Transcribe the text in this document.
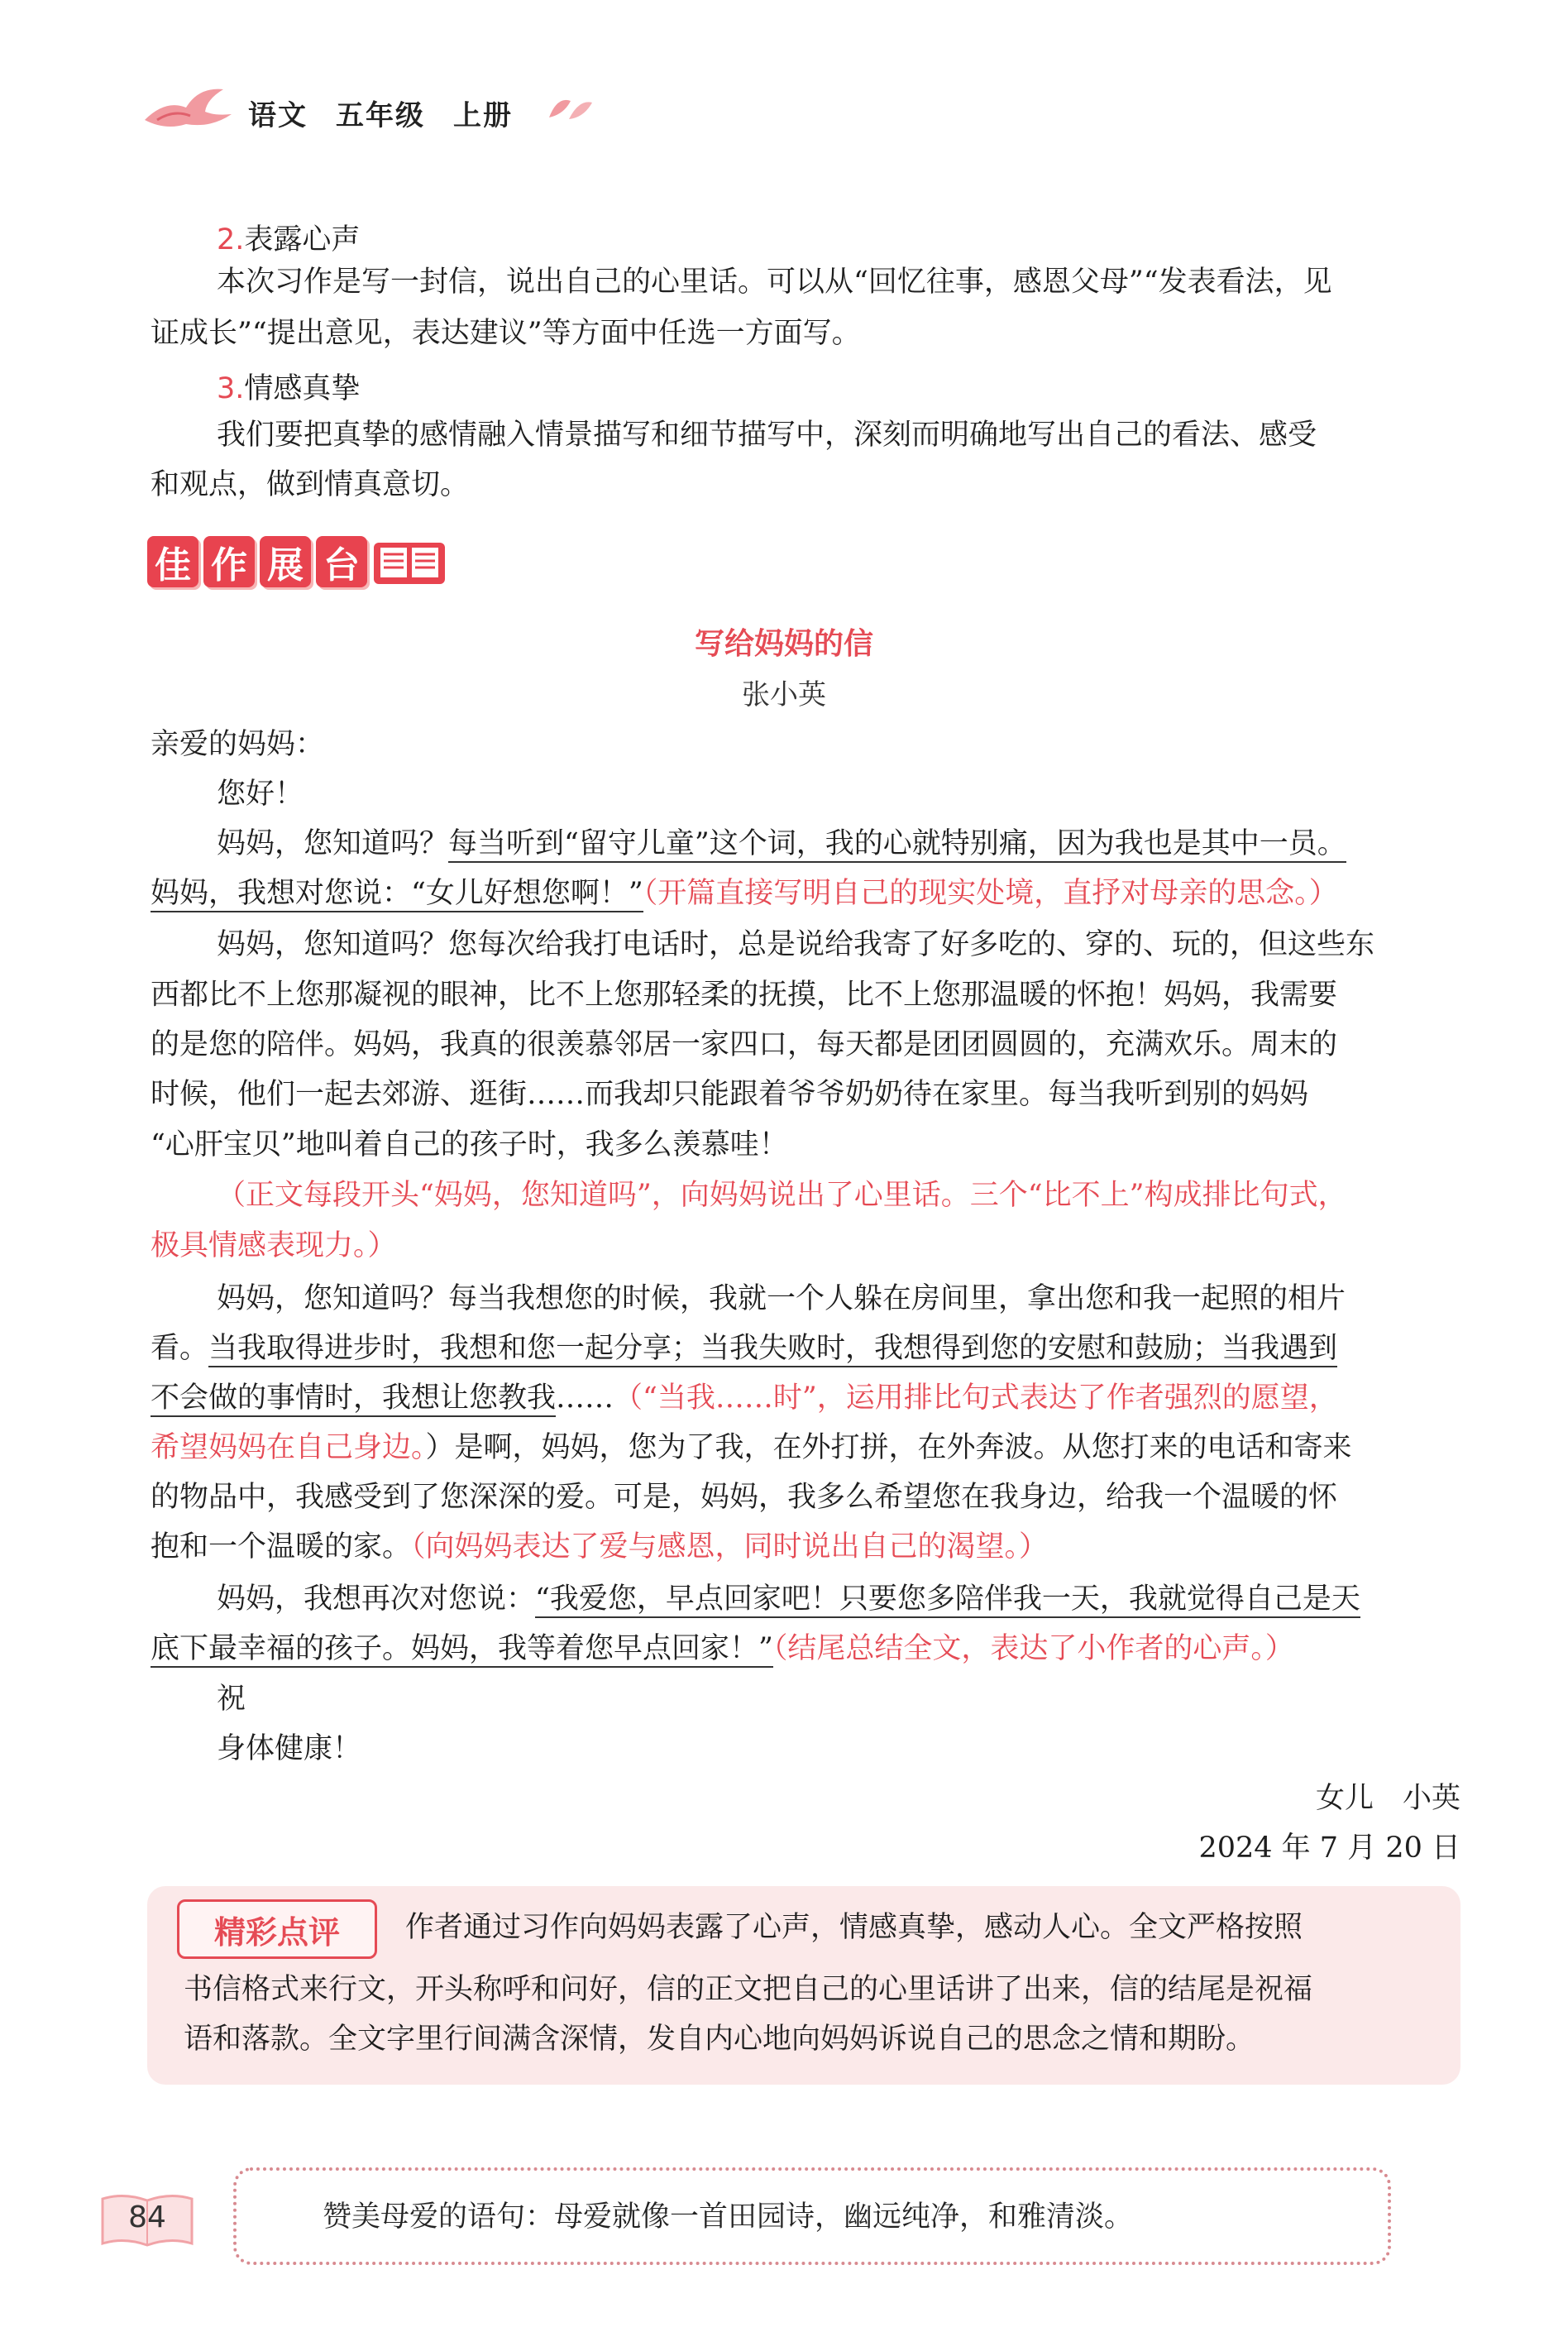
语文 五年级 上册
2.表露心声
本次习作是写一封信，说出自己的心里话。可以从“回忆往事，感恩父母”“发表看法，见
证成长”“提出意见，表达建议”等方面中任选一方面写。
3.情感真挚
我们要把真挚的感情融入情景描写和细节描写中，深刻而明确地写出自己的看法、感受
和观点，做到情真意切。
佳 作 展 台
写给妈妈的信
张小英
亲爱的妈妈：
您好！
妈妈，您知道吗？每当听到“留守儿童”这个词，我的心就特别痛，因为我也是其中一员。
妈妈，我想对您说：“女儿好想您啊！”（开篇直接写明自己的现实处境，直抒对母亲的思念。）
妈妈，您知道吗？您每次给我打电话时，总是说给我寄了好多吃的、穿的、玩的，但这些东
西都比不上您那凝视的眼神，比不上您那轻柔的抚摸，比不上您那温暖的怀抱！妈妈，我需要
的是您的陪伴。妈妈，我真的很羡慕邻居一家四口，每天都是团团圆圆的，充满欢乐。周末的
时候，他们一起去郊游、逛街……而我却只能跟着爷爷奶奶待在家里。每当我听到别的妈妈
“心肝宝贝”地叫着自己的孩子时，我多么羡慕哇！
（正文每段开头“妈妈，您知道吗”，向妈妈说出了心里话。三个“比不上”构成排比句式，
极具情感表现力。）
妈妈，您知道吗？每当我想您的时候，我就一个人躲在房间里，拿出您和我一起照的相片
看。当我取得进步时，我想和您一起分享；当我失败时，我想得到您的安慰和鼓励；当我遇到
不会做的事情时，我想让您教我……（“当我……时”，运用排比句式表达了作者强烈的愿望，
希望妈妈在自己身边。）是啊，妈妈，您为了我，在外打拼，在外奔波。从您打来的电话和寄来
的物品中，我感受到了您深深的爱。可是，妈妈，我多么希望您在我身边，给我一个温暖的怀
抱和一个温暖的家。（向妈妈表达了爱与感恩，同时说出自己的渴望。）
妈妈，我想再次对您说：“我爱您，早点回家吧！只要您多陪伴我一天，我就觉得自己是天
底下最幸福的孩子。妈妈，我等着您早点回家！”（结尾总结全文，表达了小作者的心声。）
祝
身体健康！
女儿　小英
2024 年 7 月 20 日
精彩点评	作者通过习作向妈妈表露了心声，情感真挚，感动人心。全文严格按照
书信格式来行文，开头称呼和问好，信的正文把自己的心里话讲了出来，信的结尾是祝福
语和落款。全文字里行间满含深情，发自内心地向妈妈诉说自己的思念之情和期盼。
84	赞美母爱的语句：母爱就像一首田园诗，幽远纯净，和雅清淡。
